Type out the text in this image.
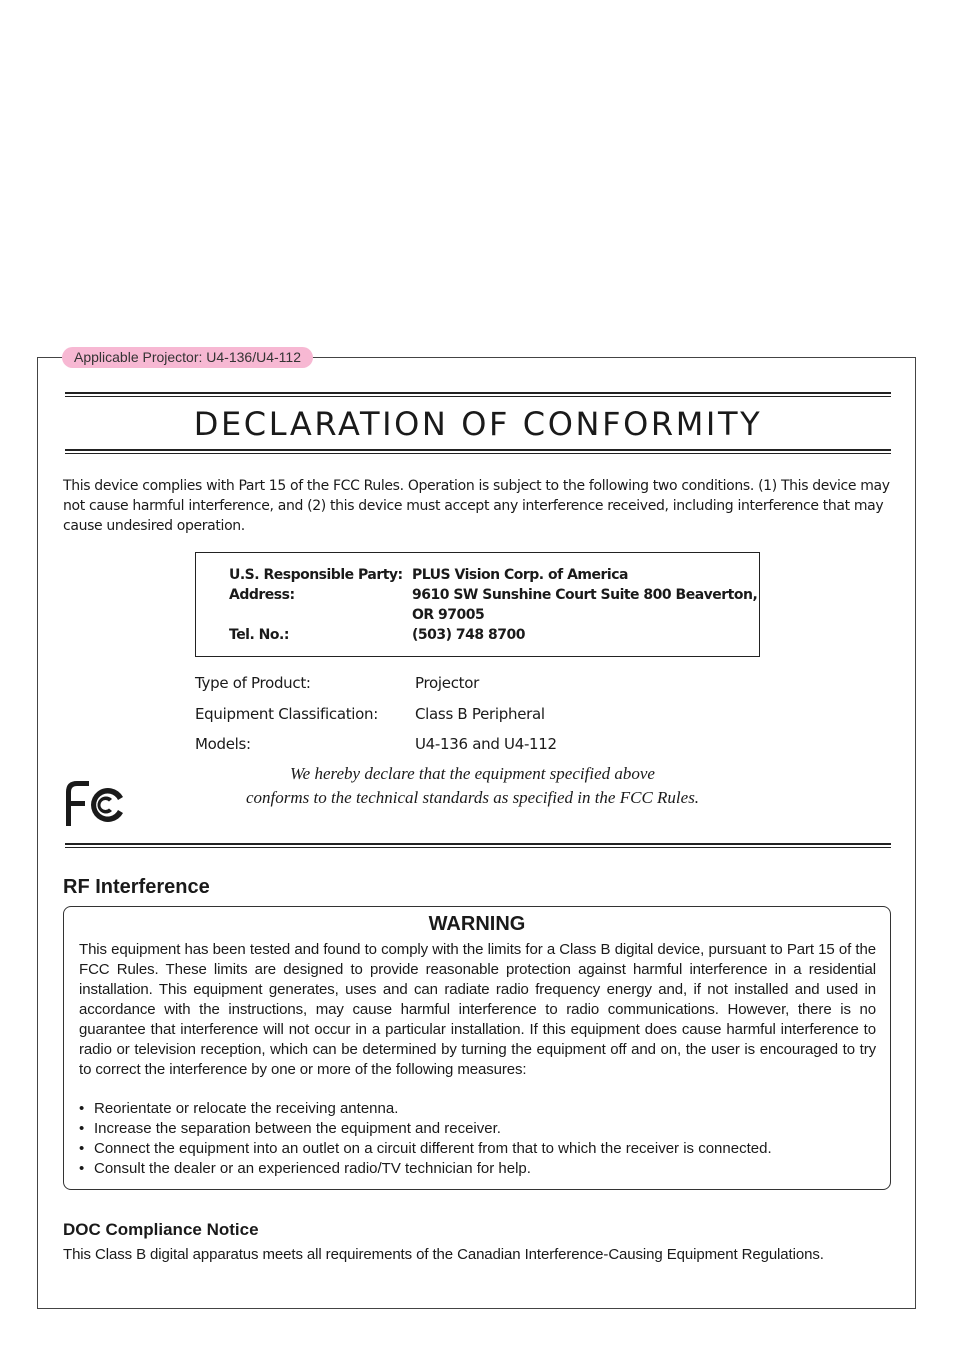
Applicable Projector: U4-136/U4-112
DECLARATION OF CONFORMITY
This device complies with Part 15 of the FCC Rules. Operation is subject to the following two conditions. (1) This device may not cause harmful interference, and (2) this device must accept any interference received, including interference that may cause undesired operation.
U.S. Responsible Party: PLUS Vision Corp. of America
Address:	9610 SW Sunshine Court Suite 800 Beaverton,
OR 97005
Tel. No.:	(503) 748 8700
Type of Product:	Projector
Equipment Classification: Class B Peripheral
Models:	U4-136 and U4-112
We hereby declare that the equipment specified above
conforms to the technical standards as specified in the FCC Rules.
RF Interference
WARNING
This equipment has been tested and found to comply with the limits for a Class B digital device, pursuant to Part 15 of the FCC Rules. These limits are designed to provide reasonable protection against harmful interference in a residential installation. This equipment generates, uses and can radiate radio frequency energy and, if not installed and used in accordance with the instructions, may cause harmful interference to radio communications. However, there is no guarantee that interference will not occur in a particular installation. If this equipment does cause harmful interference to radio or television reception, which can be determined by turning the equipment off and on, the user is encouraged to try to correct the interference by one or more of the following measures:
• Reorientate or relocate the receiving antenna.
• Increase the separation between the equipment and receiver.
• Connect the equipment into an outlet on a circuit different from that to which the receiver is connected.
• Consult the dealer or an experienced radio/TV technician for help.
DOC Compliance Notice
This Class B digital apparatus meets all requirements of the Canadian Interference-Causing Equipment Regulations.
